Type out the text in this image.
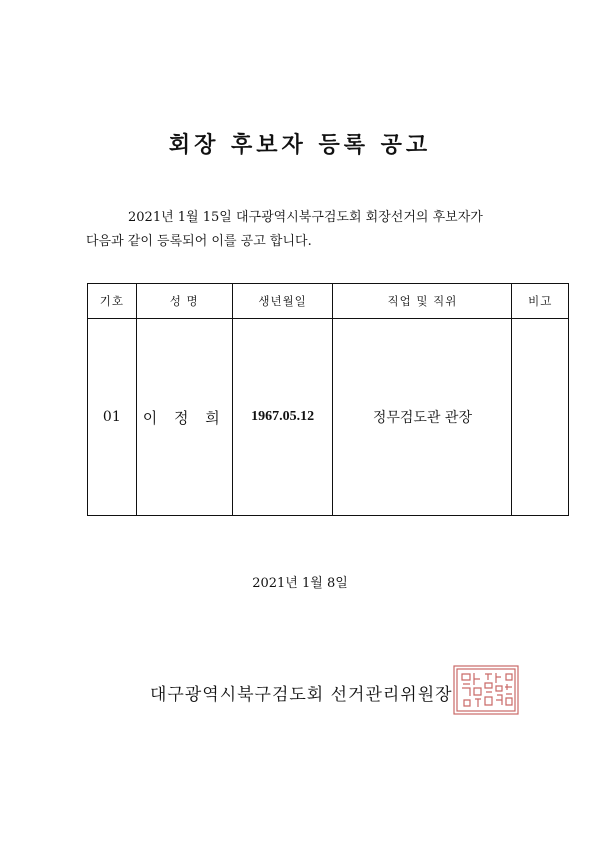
회장 후보자 등록 공고
2021년 1월 15일 대구광역시북구검도회 회장선거의 후보자가
다음과 같이 등록되어 이를 공고 합니다.
기호	성 명	생년월일	직업 및 직위	비고
01	이 정 희	1967.05.12	정무검도관 관장	
2021년 1월 8일
대구광역시북구검도회 선거관리위원장
